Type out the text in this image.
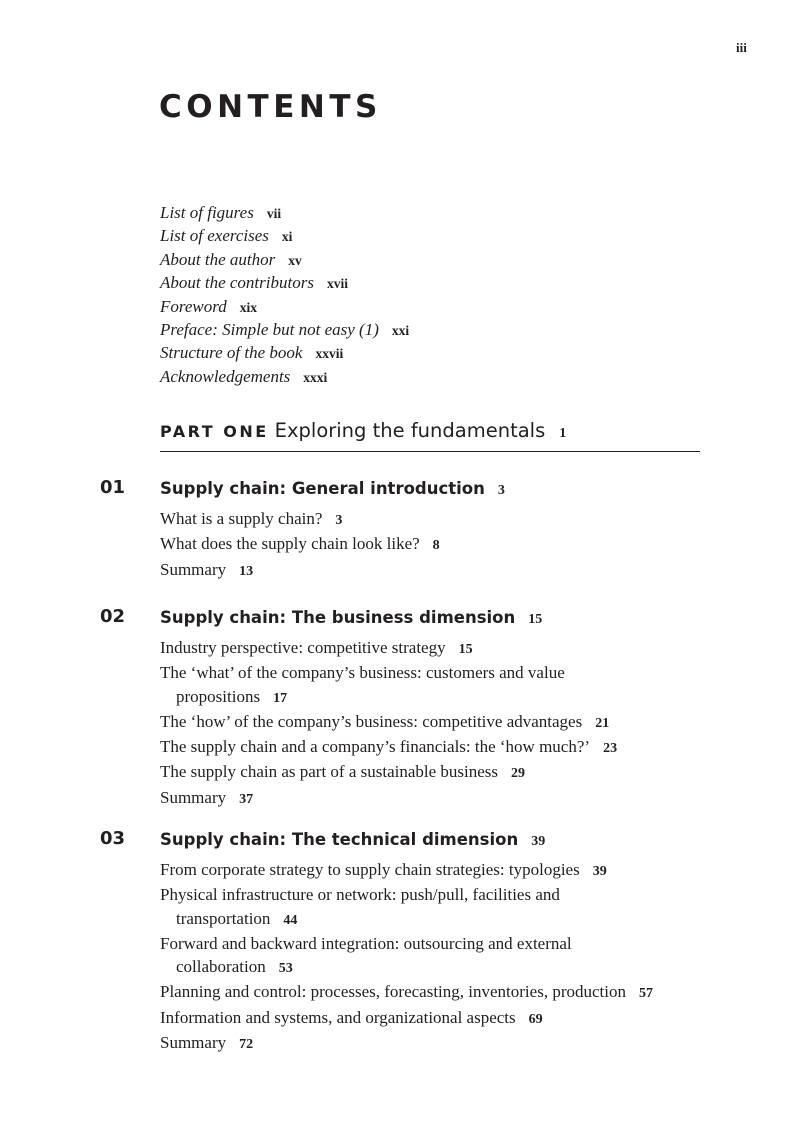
iii
CONTENTS
List of figures vii
List of exercises xi
About the author xv
About the contributors xvii
Foreword xix
Preface: Simple but not easy (1) xxi
Structure of the book xxvii
Acknowledgements xxxi
PART ONE Exploring the fundamentals 1
01 Supply chain: General introduction 3
What is a supply chain? 3
What does the supply chain look like? 8
Summary 13
02 Supply chain: The business dimension 15
Industry perspective: competitive strategy 15
The ‘what’ of the company’s business: customers and value
propositions 17
The ‘how’ of the company’s business: competitive advantages 21
The supply chain and a company’s financials: the ‘how much?’ 23
The supply chain as part of a sustainable business 29
Summary 37
03 Supply chain: The technical dimension 39
From corporate strategy to supply chain strategies: typologies 39
Physical infrastructure or network: push/pull, facilities and
transportation 44
Forward and backward integration: outsourcing and external
collaboration 53
Planning and control: processes, forecasting, inventories, production 57
Information and systems, and organizational aspects 69
Summary 72
